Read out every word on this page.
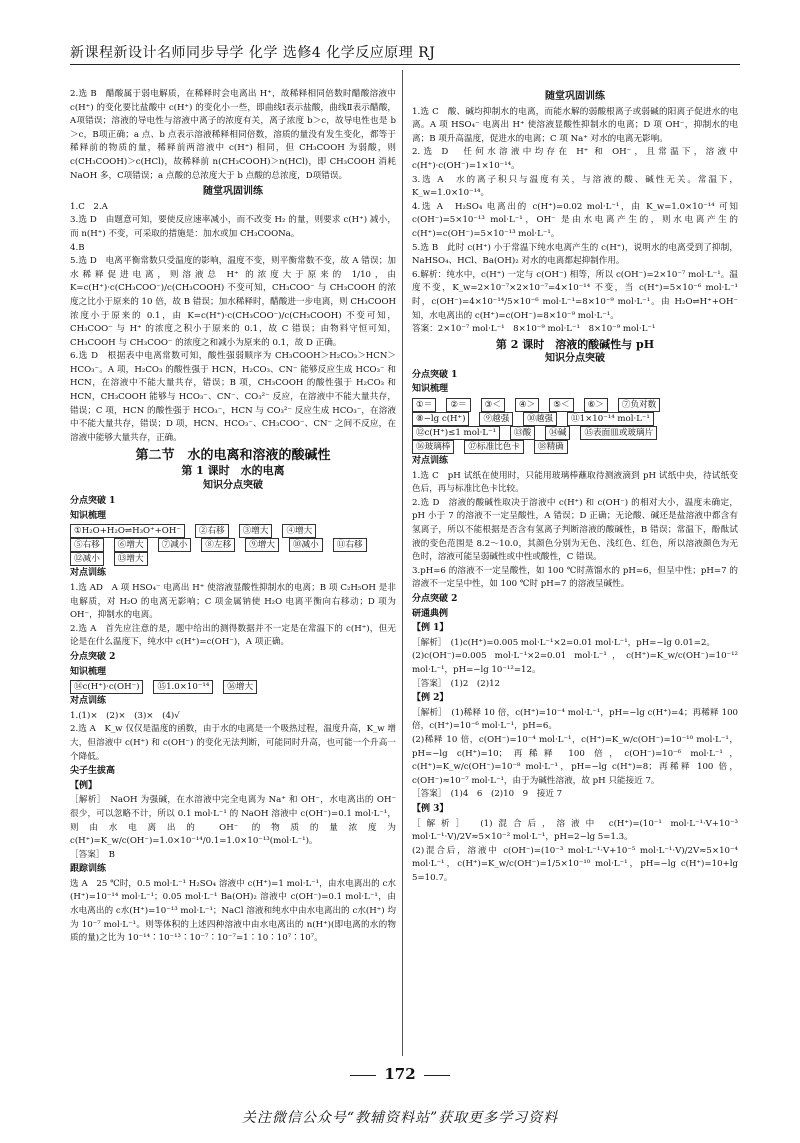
新课程新设计名师同步导学 化学 选修4 化学反应原理 RJ
2.选 B　醋酸属于弱电解质，在稀释时会电离出 H⁺，故稀释相同倍数时醋酸溶液中 c(H⁺) 的变化要比盐酸中 c(H⁺) 的变化小一些，即曲线Ⅰ表示盐酸，曲线Ⅱ表示醋酸，A项错误；溶液的导电性与溶液中离子的浓度有关，离子浓度 b＞c，故导电性也是 b＞c，B项正确；a 点、b 点表示溶液稀释相同倍数，溶质的量没有发生变化，都等于稀释前的物质的量，稀释前两溶液中 c(H⁺) 相同，但 CH₃COOH 为弱酸，则 c(CH₃COOH)＞c(HCl)，故稀释前 n(CH₃COOH)＞n(HCl)，即 CH₃COOH 消耗 NaOH 多，C项错误；a 点酸的总浓度大于 b 点酸的总浓度，D项错误。
随堂巩固训练
1.C　2.A
3.选 D　由题意可知，要使反应速率减小，而不改变 H₂ 的量，则要求 c(H⁺) 减小，而 n(H⁺) 不变，可采取的措施是：加水或加 CH₃COONa。
4.B
5.选 D　电离平衡常数只受温度的影响，温度不变，则平衡常数不变，故 A 错误；加水稀释促进电离，则溶液总 H⁺ 的浓度大于原来的 1/10，由 K=c(H⁺)·c(CH₃COO⁻)/c(CH₃COOH) 不变可知，CH₃COO⁻ 与 CH₃COOH 的浓度之比小于原来的 10 倍，故 B 错误；加水稀释时，醋酸进一步电离，则 CH₃COOH 浓度小于原来的 0.1，由 K=c(H⁺)·c(CH₃COO⁻)/c(CH₃COOH) 不变可知，CH₃COO⁻ 与 H⁺ 的浓度之积小于原来的 0.1，故 C 错误；由物料守恒可知，CH₃COOH 与 CH₃COO⁻ 的浓度之和减小为原来的 0.1，故 D 正确。
6.选 D　根据表中电离常数可知，酸性强弱顺序为 CH₃COOH＞H₂CO₃＞HCN＞HCO₃⁻。A 项，H₂CO₃ 的酸性强于 HCN，H₂CO₃、CN⁻ 能够反应生成 HCO₃⁻ 和 HCN，在溶液中不能大量共存，错误；B 项，CH₃COOH 的酸性强于 H₂CO₃ 和 HCN，CH₃COOH 能够与 HCO₃⁻、CN⁻、CO₃²⁻ 反应，在溶液中不能大量共存，错误；C 项，HCN 的酸性强于 HCO₃⁻，HCN 与 CO₃²⁻ 反应生成 HCO₃⁻，在溶液中不能大量共存，错误；D 项，HCN、HCO₃⁻、CH₃COO⁻、CN⁻ 之间不反应，在溶液中能够大量共存，正确。
第二节　水的电离和溶液的酸碱性
第 1 课时　水的电离
知识分点突破
分点突破 1
知识梳理
①H₂O+H₂O⇌H₃O⁺+OH⁻	②右移	③增大	④增大
⑤右移	⑥增大	⑦减小	⑧左移	⑨增大	⑩减小	⑪右移
⑫减小	⑬增大
对点训练
1.选 AD　A 项 HSO₄⁻ 电离出 H⁺ 使溶液显酸性抑制水的电离；B 项 C₂H₅OH 是非电解质，对 H₂O 的电离无影响；C 项金属钠使 H₂O 电离平衡向右移动；D 项为 OH⁻，抑制水的电离。
2.选 A　首先应注意的是，题中给出的测得数据并不一定是在常温下的 c(H⁺)，但无论是在什么温度下，纯水中 c(H⁺)=c(OH⁻)，A 项正确。
分点突破 2
知识梳理
⑭c(H⁺)·c(OH⁻)	⑮1.0×10⁻¹⁴	⑯增大
对点训练
1.(1)×　(2)×　(3)×　(4)√
2.选 A　K_w 仅仅是温度的函数，由于水的电离是一个吸热过程，温度升高，K_w 增大，但溶液中 c(H⁺) 和 c(OH⁻) 的变化无法判断，可能同时升高，也可能一个升高一个降低。
尖子生拔高
【例】
［解析］　NaOH 为强碱，在水溶液中完全电离为 Na⁺ 和 OH⁻，水电离出的 OH⁻ 很少，可以忽略不计，所以 0.1 mol·L⁻¹ 的 NaOH 溶液中 c(OH⁻)=0.1 mol·L⁻¹，则由水电离出的 OH⁻ 的物质的量浓度为 c(H⁺)=K_w/c(OH⁻)=1.0×10⁻¹⁴/0.1=1.0×10⁻¹³(mol·L⁻¹)。
［答案］　B
跟踪训练
选 A　25 ℃时，0.5 mol·L⁻¹ H₂SO₄ 溶液中 c(H⁺)=1 mol·L⁻¹，由水电离出的 c水(H⁺)=10⁻¹⁴ mol·L⁻¹；0.05 mol·L⁻¹ Ba(OH)₂ 溶液中 c(OH⁻)=0.1 mol·L⁻¹，由水电离出的 c水(H⁺)=10⁻¹³ mol·L⁻¹；NaCl 溶液和纯水中由水电离出的 c水(H⁺) 均为 10⁻⁷ mol·L⁻¹。则等体积的上述四种溶液中由水电离出的 n(H⁺)(即电离的水的物质的量)之比为 10⁻¹⁴∶10⁻¹³∶10⁻⁷∶10⁻⁷=1∶10∶10⁷∶10⁷。
随堂巩固训练
1.选 C　酸、碱均抑制水的电离，而能水解的弱酸根离子或弱碱的阳离子促进水的电离。A 项 HSO₄⁻ 电离出 H⁺ 使溶液显酸性抑制水的电离；D 项 OH⁻，抑制水的电离；B 项升高温度，促进水的电离；C 项 Na⁺ 对水的电离无影响。
2.选 D　任何水溶液中均存在 H⁺ 和 OH⁻，且常温下，溶液中 c(H⁺)·c(OH⁻)=1×10⁻¹⁴。
3.选 A　水的离子积只与温度有关，与溶液的酸、碱性无关。常温下，K_w=1.0×10⁻¹⁴。
4.选 A　H₂SO₄ 电离出的 c(H⁺)=0.02 mol·L⁻¹，由 K_w=1.0×10⁻¹⁴ 可知 c(OH⁻)=5×10⁻¹³ mol·L⁻¹，OH⁻ 是由水电离产生的，则水电离产生的 c(H⁺)=c(OH⁻)=5×10⁻¹³ mol·L⁻¹。
5.选 B　此时 c(H⁺) 小于常温下纯水电离产生的 c(H⁺)，说明水的电离受到了抑制，NaHSO₄、HCl、Ba(OH)₂ 对水的电离都起抑制作用。
6.解析：纯水中，c(H⁺) 一定与 c(OH⁻) 相等，所以 c(OH⁻)=2×10⁻⁷ mol·L⁻¹。温度不变，K_w=2×10⁻⁷×2×10⁻⁷=4×10⁻¹⁴ 不变，当 c(H⁺)=5×10⁻⁶ mol·L⁻¹ 时，c(OH⁻)=4×10⁻¹⁴/5×10⁻⁶ mol·L⁻¹=8×10⁻⁹ mol·L⁻¹。由 H₂O⇌H⁺+OH⁻ 知，水电离出的 c(H⁺)=c(OH⁻)=8×10⁻⁹ mol·L⁻¹。
答案：2×10⁻⁷ mol·L⁻¹　8×10⁻⁹ mol·L⁻¹　8×10⁻⁹ mol·L⁻¹
第 2 课时　溶液的酸碱性与 pH
知识分点突破
分点突破 1
知识梳理
①＝	②＝	③＜	④＞	⑤＜	⑥＞	⑦负对数
⑧−lg c(H⁺)	⑨越强	⑩越强	⑪1×10⁻¹⁴ mol·L⁻¹
⑫c(H⁺)≤1 mol·L⁻¹	⑬酸	⑭碱	⑮表面皿或玻璃片
⑯玻璃棒	⑰标准比色卡	⑱精确
对点训练
1.选 C　pH 试纸在使用时，只能用玻璃棒蘸取待测液滴到 pH 试纸中央，待试纸变色后，再与标准比色卡比较。
2.选 D　溶液的酸碱性取决于溶液中 c(H⁺) 和 c(OH⁻) 的相对大小，温度未确定，pH 小于 7 的溶液不一定呈酸性，A 错误；D 正确；无论酸、碱还是盐溶液中都含有氢离子，所以不能根据是否含有氢离子判断溶液的酸碱性，B 错误；常温下，酚酞试液的变色范围是 8.2～10.0，其颜色分别为无色、浅红色、红色，所以溶液颜色为无色时，溶液可能呈弱碱性或中性或酸性，C 错误。
3.pH=6 的溶液不一定呈酸性，如 100 ℃时蒸馏水的 pH=6，但呈中性；pH=7 的溶液不一定呈中性，如 100 ℃时 pH=7 的溶液呈碱性。
分点突破 2
研通典例
【例 1】
［解析］　(1)c(H⁺)=0.005 mol·L⁻¹×2=0.01 mol·L⁻¹，pH=−lg 0.01=2。
(2)c(OH⁻)=0.005 mol·L⁻¹×2=0.01 mol·L⁻¹，c(H⁺)=K_w/c(OH⁻)=10⁻¹² mol·L⁻¹，pH=−lg 10⁻¹²=12。
［答案］　(1)2　(2)12
【例 2】
［解析］　(1)稀释 10 倍，c(H⁺)=10⁻⁴ mol·L⁻¹，pH=−lg c(H⁺)=4；再稀释 100 倍，c(H⁺)=10⁻⁶ mol·L⁻¹，pH=6。
(2)稀释 10 倍，c(OH⁻)=10⁻⁴ mol·L⁻¹，c(H⁺)=K_w/c(OH⁻)=10⁻¹⁰ mol·L⁻¹，pH=−lg c(H⁺)=10；再稀释 100 倍，c(OH⁻)=10⁻⁶ mol·L⁻¹，c(H⁺)=K_w/c(OH⁻)=10⁻⁸ mol·L⁻¹，pH=−lg c(H⁺)=8；再稀释 100 倍，c(OH⁻)≈10⁻⁷ mol·L⁻¹，由于为碱性溶液，故 pH 只能接近 7。
［答案］　(1)4　6　(2)10　9　接近 7
【例 3】
［解析］　(1)混合后，溶液中 c(H⁺)=(10⁻¹ mol·L⁻¹·V+10⁻³ mol·L⁻¹·V)/2V≈5×10⁻² mol·L⁻¹，pH=2−lg 5=1.3。
(2)混合后，溶液中 c(OH⁻)=(10⁻³ mol·L⁻¹·V+10⁻⁵ mol·L⁻¹·V)/2V≈5×10⁻⁴ mol·L⁻¹，c(H⁺)=K_w/c(OH⁻)=1/5×10⁻¹⁰ mol·L⁻¹，pH=−lg c(H⁺)=10+lg 5=10.7。
172
关注微信公众号“教辅资料站”获取更多学习资料
